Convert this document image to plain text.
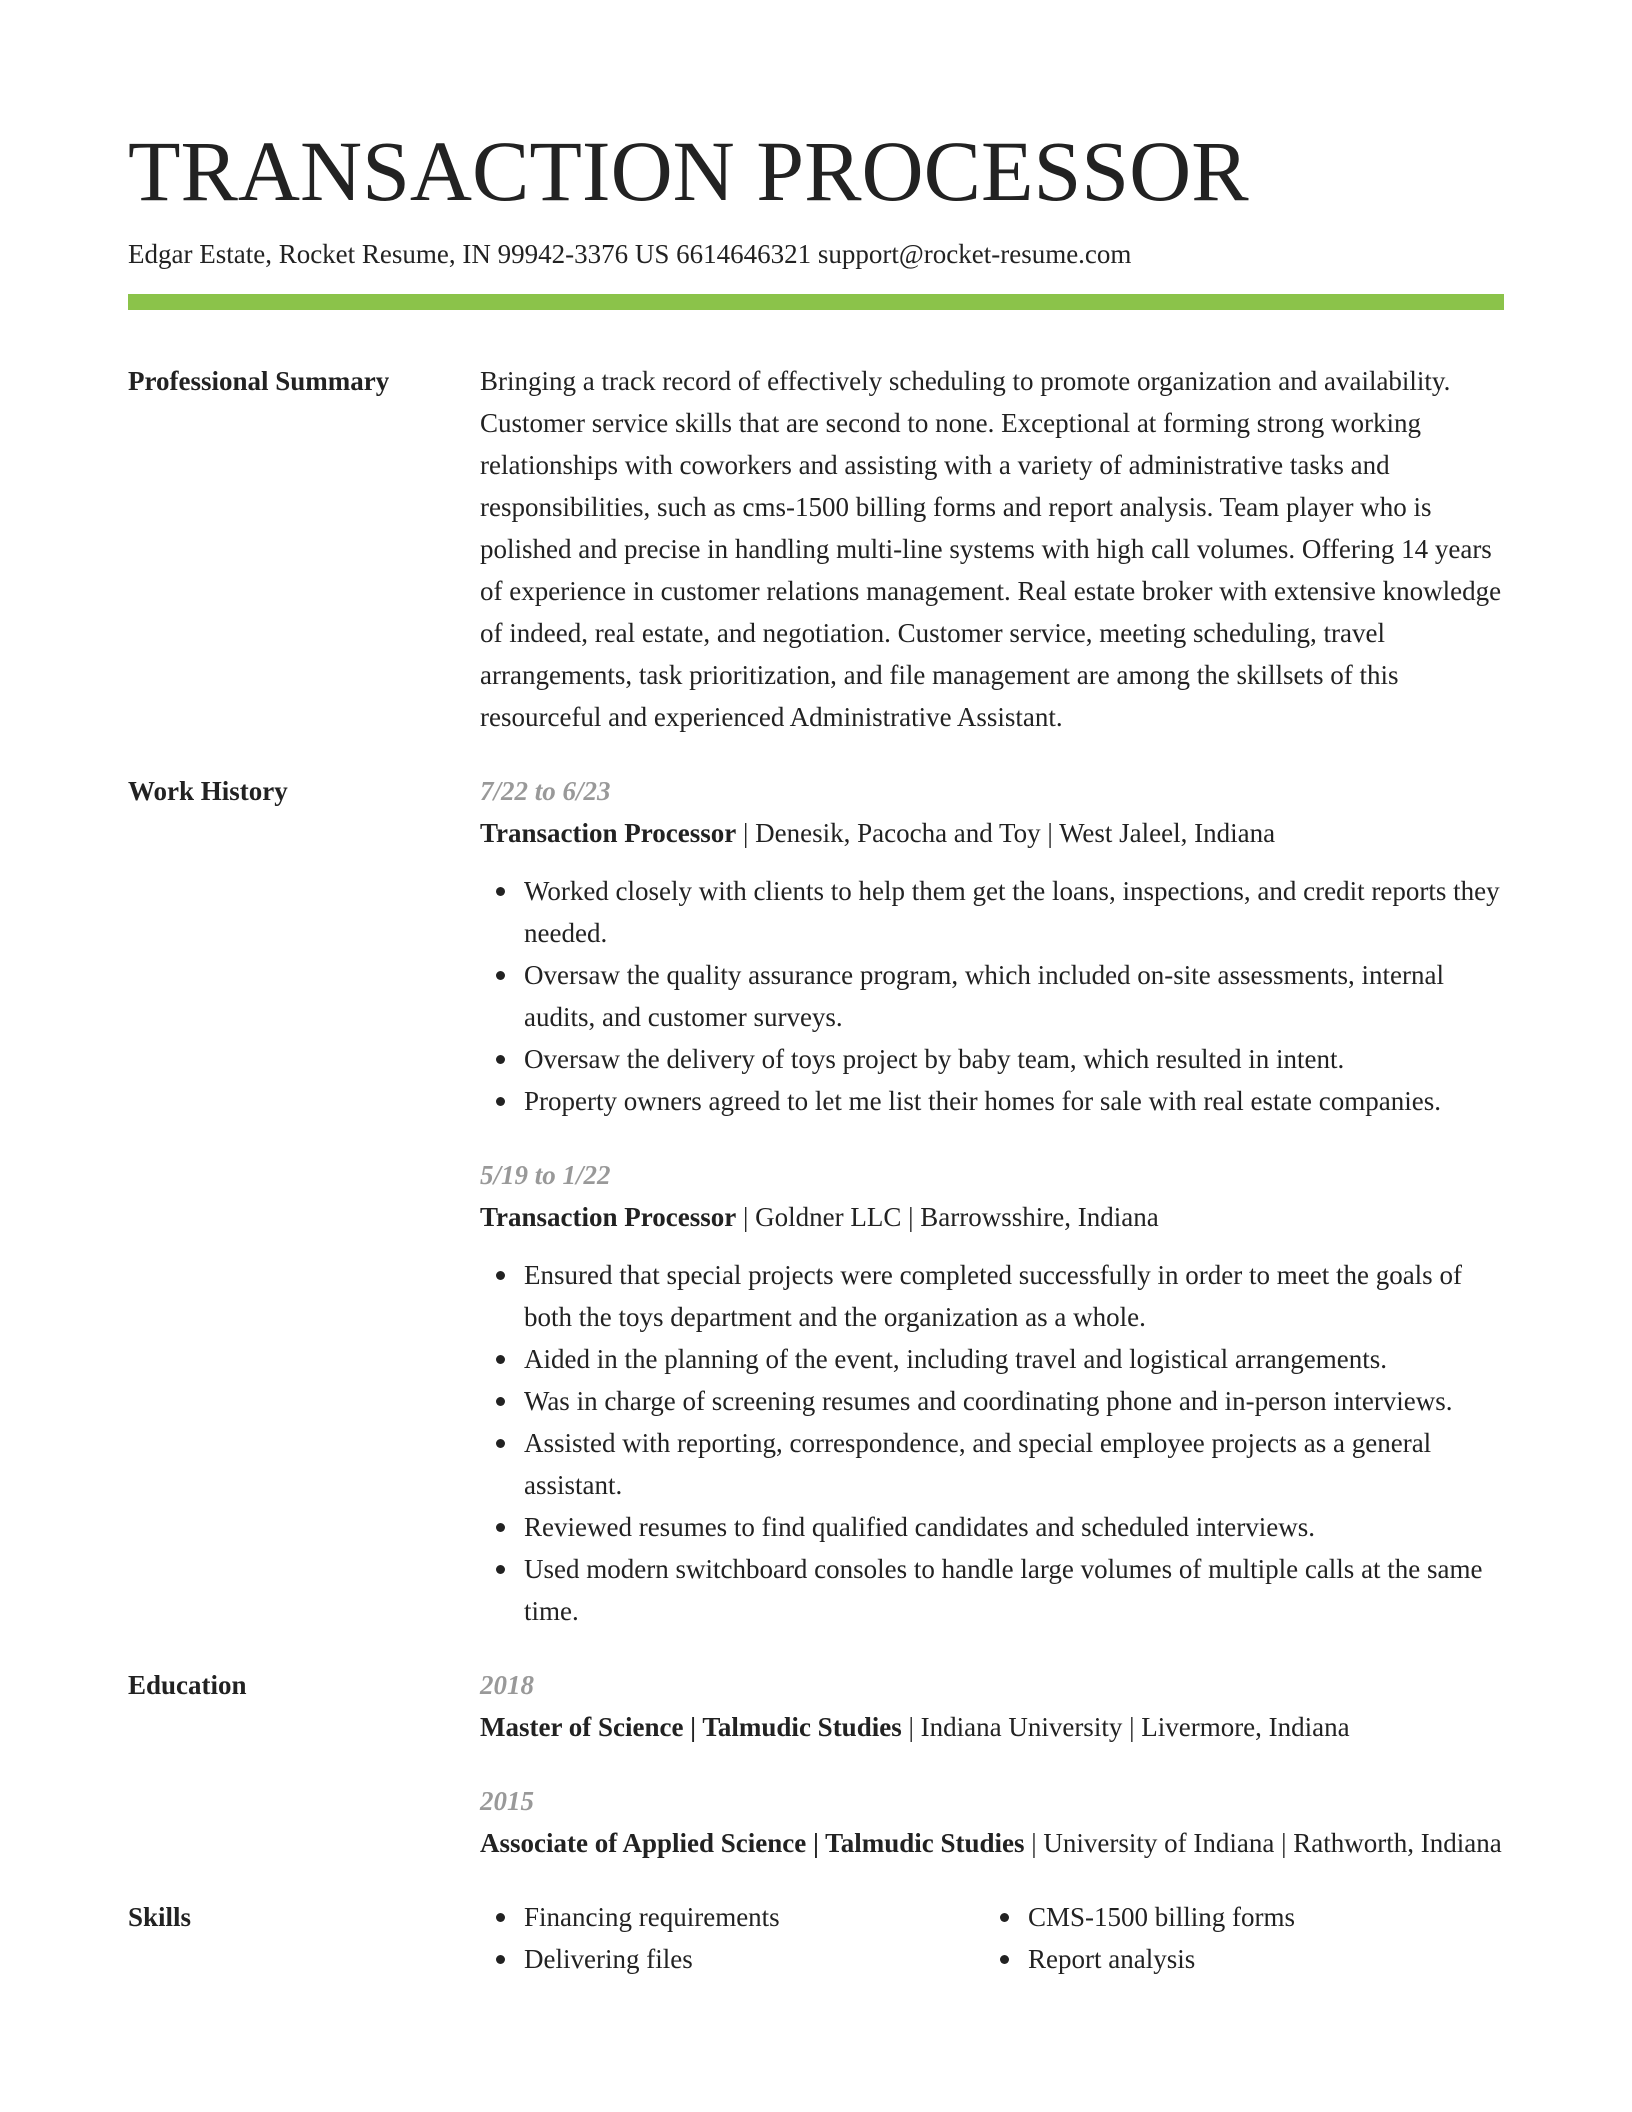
TRANSACTION PROCESSOR
Edgar Estate, Rocket Resume, IN 99942-3376 US 6614646321 support@rocket-resume.com
Professional Summary	Bringing a track record of effectively scheduling to promote organization and availability. Customer service skills that are second to none. Exceptional at forming strong working relationships with coworkers and assisting with a variety of administrative tasks and responsibilities, such as cms-1500 billing forms and report analysis. Team player who is polished and precise in handling multi-line systems with high call volumes. Offering 14 years of experience in customer relations management. Real estate broker with extensive knowledge of indeed, real estate, and negotiation. Customer service, meeting scheduling, travel arrangements, task prioritization, and file management are among the skillsets of this resourceful and experienced Administrative Assistant.
Work History	7/22 to 6/23
Transaction Processor | Denesik, Pacocha and Toy | West Jaleel, Indiana
Worked closely with clients to help them get the loans, inspections, and credit reports they needed.
Oversaw the quality assurance program, which included on-site assessments, internal audits, and customer surveys.
Oversaw the delivery of toys project by baby team, which resulted in intent.
Property owners agreed to let me list their homes for sale with real estate companies.
5/19 to 1/22
Transaction Processor | Goldner LLC | Barrowsshire, Indiana
Ensured that special projects were completed successfully in order to meet the goals of both the toys department and the organization as a whole.
Aided in the planning of the event, including travel and logistical arrangements.
Was in charge of screening resumes and coordinating phone and in-person interviews.
Assisted with reporting, correspondence, and special employee projects as a general assistant.
Reviewed resumes to find qualified candidates and scheduled interviews.
Used modern switchboard consoles to handle large volumes of multiple calls at the same time.
Education	2018
Master of Science | Talmudic Studies | Indiana University | Livermore, Indiana
2015
Associate of Applied Science | Talmudic Studies | University of Indiana | Rathworth, Indiana
Skills	Financing requirements
Delivering files
CMS-1500 billing forms
Report analysis
